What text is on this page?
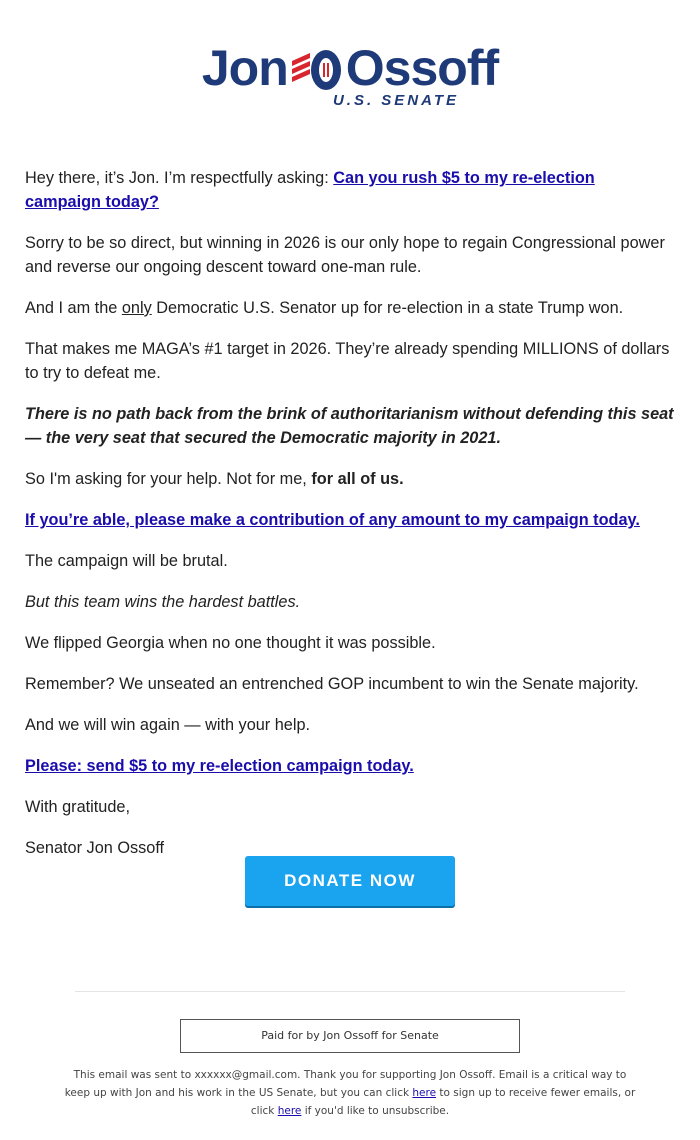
Jon Ossoff
U.S. SENATE

Hey there, it’s Jon. I’m respectfully asking: Can you rush $5 to my re-election campaign today?

Sorry to be so direct, but winning in 2026 is our only hope to regain Congressional power and reverse our ongoing descent toward one-man rule.

And I am the only Democratic U.S. Senator up for re-election in a state Trump won.

That makes me MAGA’s #1 target in 2026. They’re already spending MILLIONS of dollars to try to defeat me.

There is no path back from the brink of authoritarianism without defending this seat — the very seat that secured the Democratic majority in 2021.

So I'm asking for your help. Not for me, for all of us.

If you’re able, please make a contribution of any amount to my campaign today.

The campaign will be brutal.

But this team wins the hardest battles.

We flipped Georgia when no one thought it was possible.

Remember? We unseated an entrenched GOP incumbent to win the Senate majority.

And we will win again — with your help.

Please: send $5 to my re-election campaign today.

With gratitude,

Senator Jon Ossoff

DONATE NOW
Paid for by Jon Ossoff for Senate
This email was sent to xxxxxx@gmail.com. Thank you for supporting Jon Ossoff. Email is a critical way to keep up with Jon and his work in the US Senate, but you can click here to sign up to receive fewer emails, or click here if you'd like to unsubscribe.
